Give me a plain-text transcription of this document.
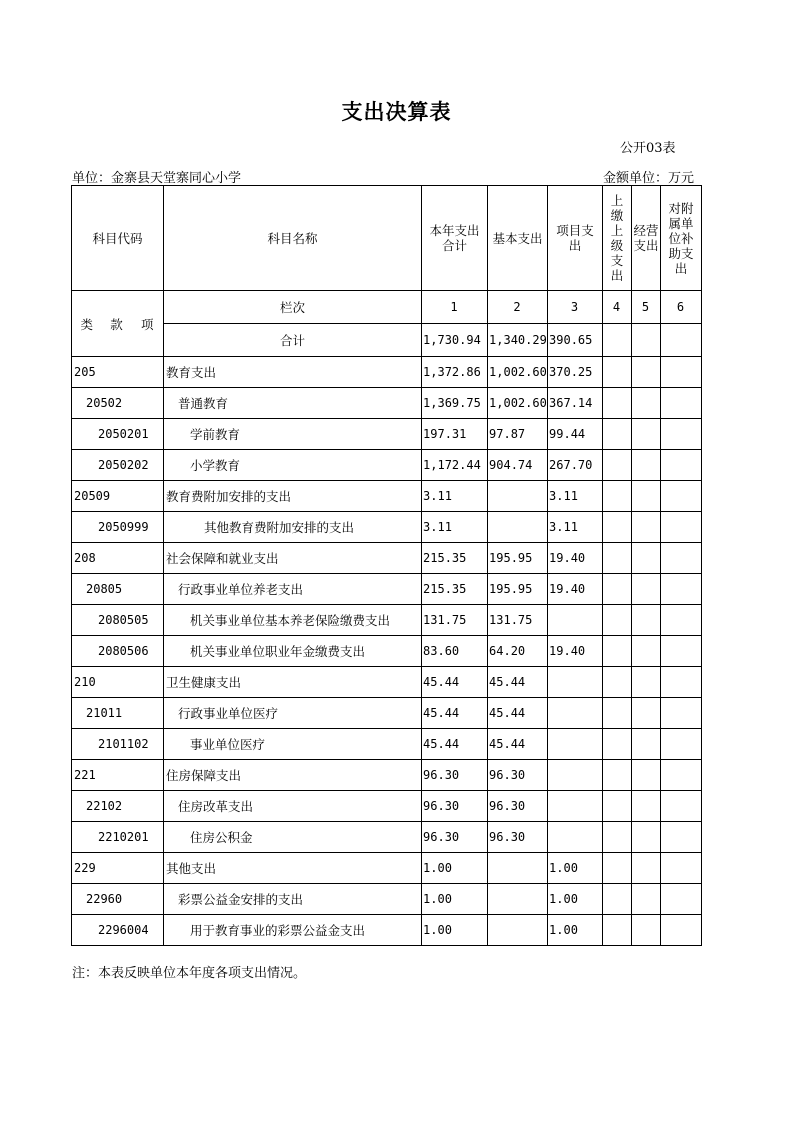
支出决算表
公开03表
单位：金寨县天堂寨同心小学	金额单位：万元
科目代码			科目名称	本年支出合计	基本支出	项目支出	上缴上级支出	经营支出	对附属单位补助支出
类	款	项	栏次	1	2	3	4	5	6
			合计	1,730.94	1,340.29	390.65			
205			教育支出	1,372.86	1,002.60	370.25			
20502			普通教育	1,369.75	1,002.60	367.14			
2050201			学前教育	197.31	97.87	99.44			
2050202			小学教育	1,172.44	904.74	267.70			
20509			教育费附加安排的支出	3.11		3.11			
2050999			其他教育费附加安排的支出	3.11		3.11			
208			社会保障和就业支出	215.35	195.95	19.40			
20805			行政事业单位养老支出	215.35	195.95	19.40			
2080505			机关事业单位基本养老保险缴费支出	131.75	131.75				
2080506			机关事业单位职业年金缴费支出	83.60	64.20	19.40			
210			卫生健康支出	45.44	45.44				
21011			行政事业单位医疗	45.44	45.44				
2101102			事业单位医疗	45.44	45.44				
221			住房保障支出	96.30	96.30				
22102			住房改革支出	96.30	96.30				
2210201			住房公积金	96.30	96.30				
229			其他支出	1.00		1.00			
22960			彩票公益金安排的支出	1.00		1.00			
2296004			用于教育事业的彩票公益金支出	1.00		1.00			
注：本表反映单位本年度各项支出情况。
